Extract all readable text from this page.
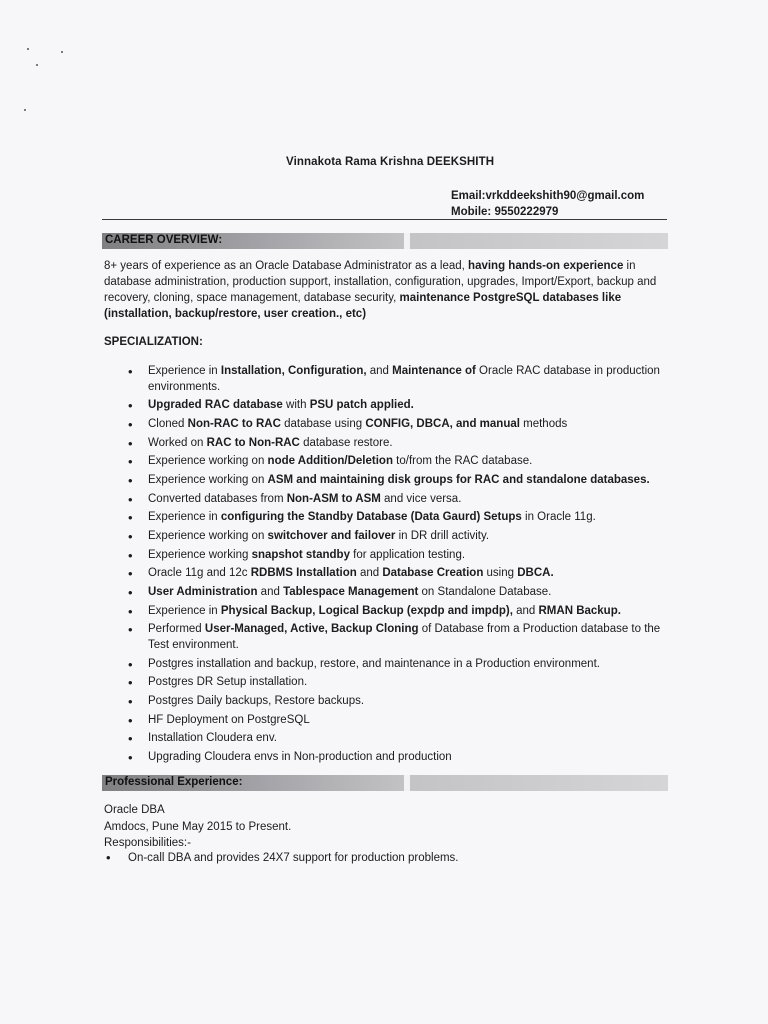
Vinnakota Rama Krishna DEEKSHITH
Email:vrkddeekshith90@gmail.com
Mobile: 9550222979
CAREER OVERVIEW:
8+ years of experience as an Oracle Database Administrator as a lead, having hands-on experience in database administration, production support, installation, configuration, upgrades, Import/Export, backup and recovery, cloning, space management, database security, maintenance PostgreSQL databases like (installation, backup/restore, user creation., etc)
SPECIALIZATION:
• Experience in Installation, Configuration, and Maintenance of Oracle RAC database in production environments.
• Upgraded RAC database with PSU patch applied.
• Cloned Non-RAC to RAC database using CONFIG, DBCA, and manual methods
• Worked on RAC to Non-RAC database restore.
• Experience working on node Addition/Deletion to/from the RAC database.
• Experience working on ASM and maintaining disk groups for RAC and standalone databases.
• Converted databases from Non-ASM to ASM and vice versa.
• Experience in configuring the Standby Database (Data Gaurd) Setups in Oracle 11g.
• Experience working on switchover and failover in DR drill activity.
• Experience working snapshot standby for application testing.
• Oracle 11g and 12c RDBMS Installation and Database Creation using DBCA.
• User Administration and Tablespace Management on Standalone Database.
• Experience in Physical Backup, Logical Backup (expdp and impdp), and RMAN Backup.
• Performed User-Managed, Active, Backup Cloning of Database from a Production database to the Test environment.
• Postgres installation and backup, restore, and maintenance in a Production environment.
• Postgres DR Setup installation.
• Postgres Daily backups, Restore backups.
• HF Deployment on PostgreSQL
• Installation Cloudera env.
• Upgrading Cloudera envs in Non-production and production
Professional Experience:
Oracle DBA
Amdocs, Pune May 2015 to Present.
Responsibilities:-
• On-call DBA and provides 24X7 support for production problems.
